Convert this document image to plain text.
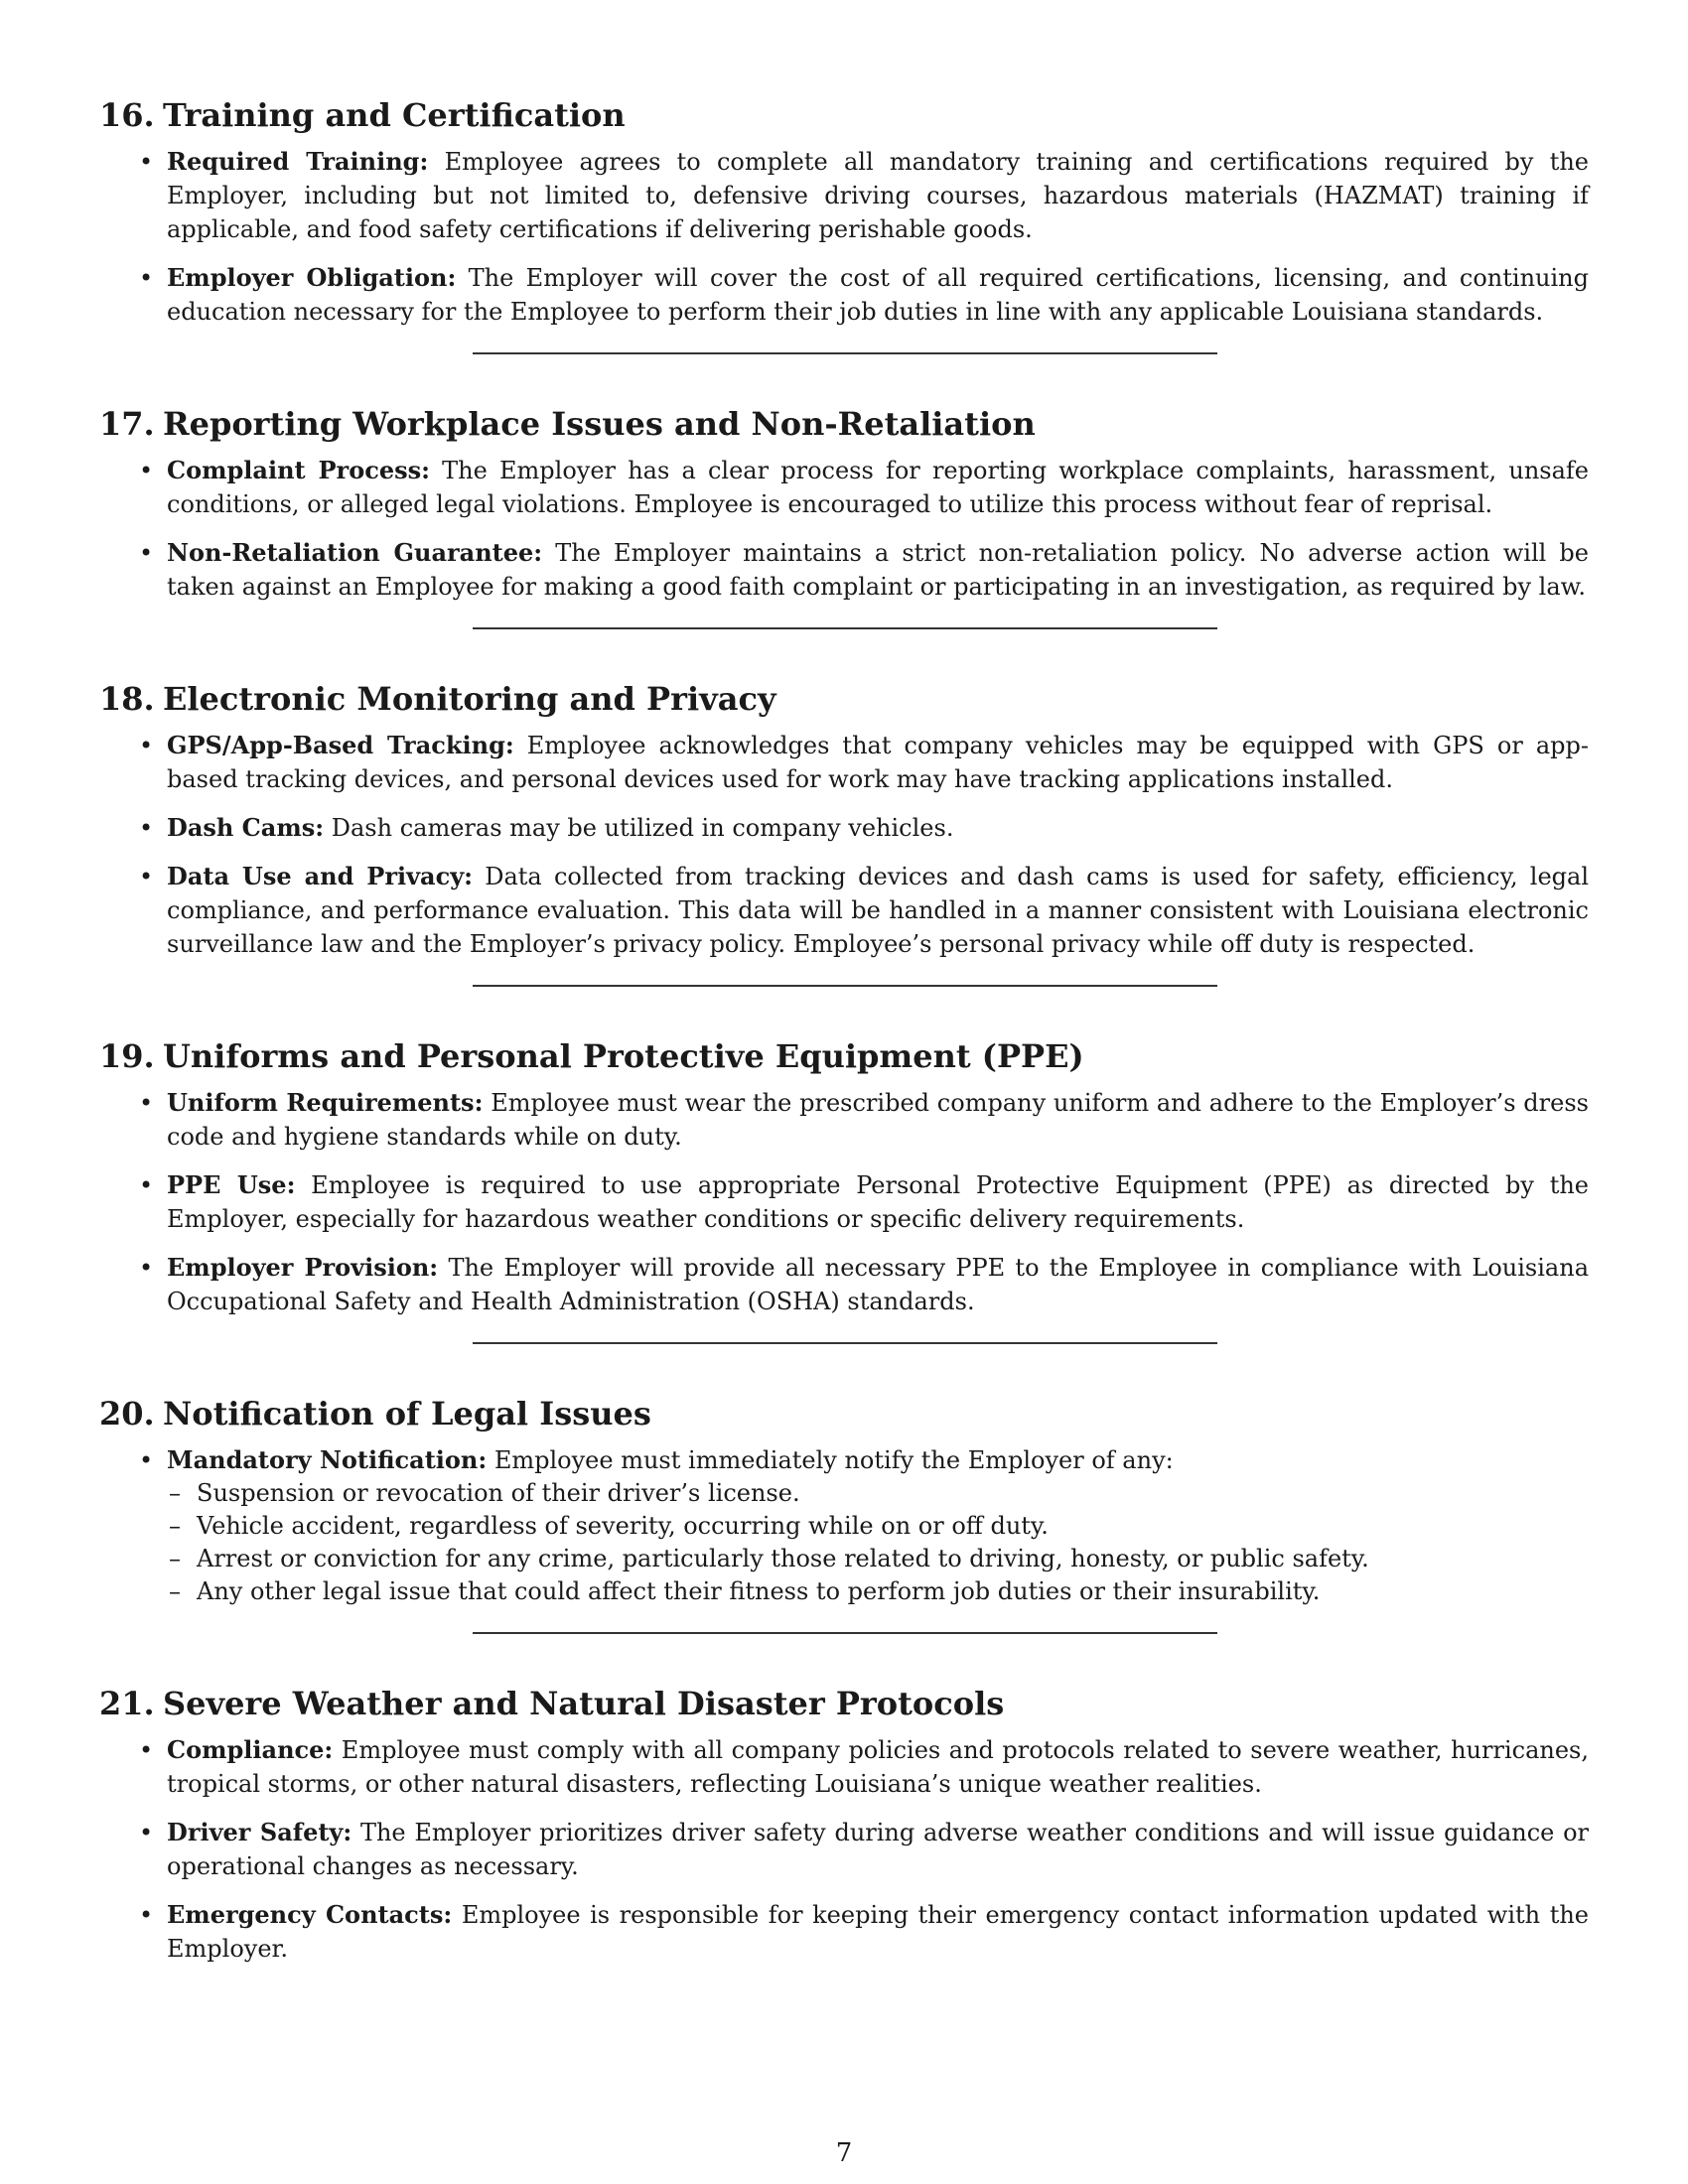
16. Training and Certification
• Required Training: Employee agrees to complete all mandatory training and certifications required by the Employer, including but not limited to, defensive driving courses, hazardous materials (HAZMAT) training if applicable, and food safety certifications if delivering perishable goods.
• Employer Obligation: The Employer will cover the cost of all required certifications, licensing, and continuing education necessary for the Employee to perform their job duties in line with any applicable Louisiana standards.
17. Reporting Workplace Issues and Non-Retaliation
• Complaint Process: The Employer has a clear process for reporting workplace complaints, harassment, unsafe conditions, or alleged legal violations. Employee is encouraged to utilize this process without fear of reprisal.
• Non-Retaliation Guarantee: The Employer maintains a strict non-retaliation policy. No adverse action will be taken against an Employee for making a good faith complaint or participating in an investigation, as required by law.
18. Electronic Monitoring and Privacy
• GPS/App-Based Tracking: Employee acknowledges that company vehicles may be equipped with GPS or app-based tracking devices, and personal devices used for work may have tracking applications installed.
• Dash Cams: Dash cameras may be utilized in company vehicles.
• Data Use and Privacy: Data collected from tracking devices and dash cams is used for safety, efficiency, legal compliance, and performance evaluation. This data will be handled in a manner consistent with Louisiana electronic surveillance law and the Employer’s privacy policy. Employee’s personal privacy while off duty is respected.
19. Uniforms and Personal Protective Equipment (PPE)
• Uniform Requirements: Employee must wear the prescribed company uniform and adhere to the Employer’s dress code and hygiene standards while on duty.
• PPE Use: Employee is required to use appropriate Personal Protective Equipment (PPE) as directed by the Employer, especially for hazardous weather conditions or specific delivery requirements.
• Employer Provision: The Employer will provide all necessary PPE to the Employee in compliance with Louisiana Occupational Safety and Health Administration (OSHA) standards.
20. Notification of Legal Issues
• Mandatory Notification: Employee must immediately notify the Employer of any:
– Suspension or revocation of their driver’s license.
– Vehicle accident, regardless of severity, occurring while on or off duty.
– Arrest or conviction for any crime, particularly those related to driving, honesty, or public safety.
– Any other legal issue that could affect their fitness to perform job duties or their insurability.
21. Severe Weather and Natural Disaster Protocols
• Compliance: Employee must comply with all company policies and protocols related to severe weather, hurricanes, tropical storms, or other natural disasters, reflecting Louisiana’s unique weather realities.
• Driver Safety: The Employer prioritizes driver safety during adverse weather conditions and will issue guidance or operational changes as necessary.
• Emergency Contacts: Employee is responsible for keeping their emergency contact information updated with the Employer.
7
